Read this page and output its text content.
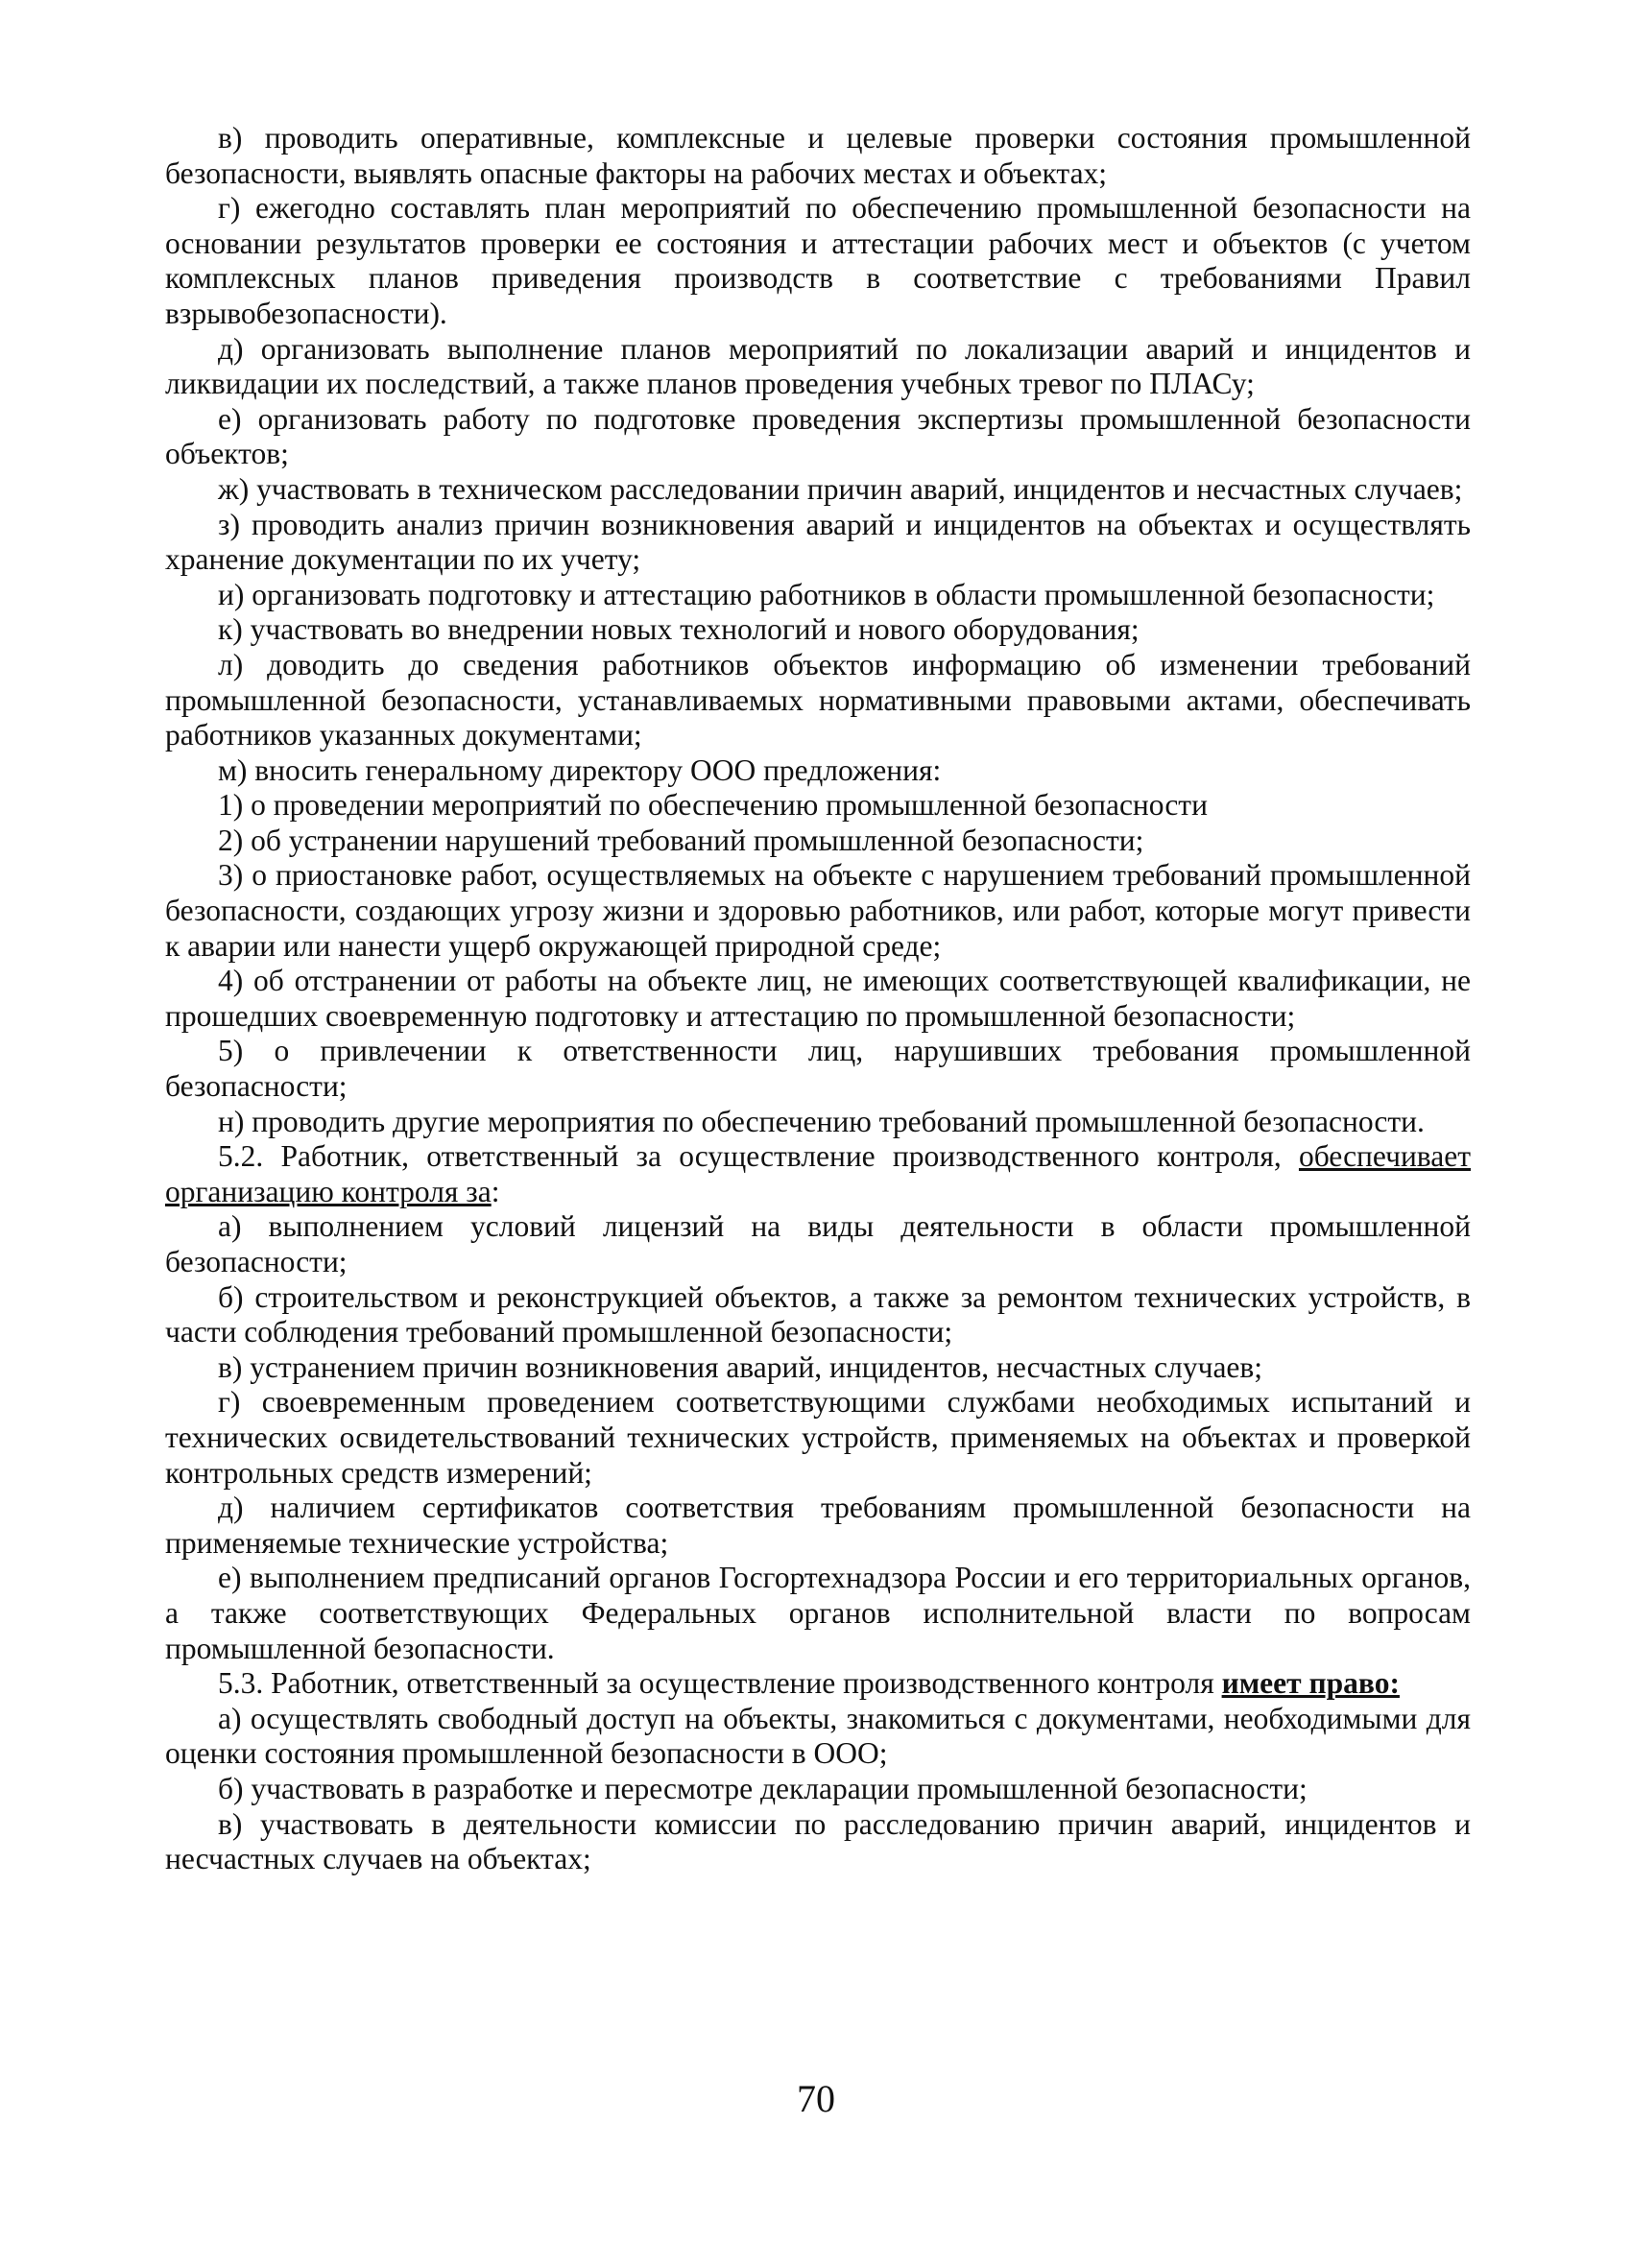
в) проводить оперативные, комплексные и целевые проверки состояния промышленной безопасности, выявлять опасные факторы на рабочих местах и объектах;

г) ежегодно составлять план мероприятий по обеспечению промышленной безопасности на основании результатов проверки ее состояния и аттестации рабочих мест и объектов (с учетом комплексных планов приведения производств в соответствие с требованиями Правил взрывобезопасности).

д) организовать выполнение планов мероприятий по локализации аварий и инцидентов и ликвидации их последствий, а также планов проведения учебных тревог по ПЛАСу;

е) организовать работу по подготовке проведения экспертизы промышленной безопасности объектов;

ж) участвовать в техническом расследовании причин аварий, инцидентов и несчастных случаев;

з) проводить анализ причин возникновения аварий и инцидентов на объектах и осуществлять хранение документации по их учету;

и) организовать подготовку и аттестацию работников в области промышленной безопасности;

к) участвовать во внедрении новых технологий и нового оборудования;

л) доводить до сведения работников объектов информацию об изменении требований промышленной безопасности, устанавливаемых нормативными правовыми актами, обеспечивать работников указанных документами;

м) вносить генеральному директору ООО предложения:

1) о проведении мероприятий по обеспечению промышленной безопасности

2) об устранении нарушений требований промышленной безопасности;

3) о приостановке работ, осуществляемых на объекте с нарушением требований промышленной безопасности, создающих угрозу жизни и здоровью работников, или работ, которые могут привести к аварии или нанести ущерб окружающей природной среде;

4) об отстранении от работы на объекте лиц, не имеющих соответствующей квалификации, не прошедших своевременную подготовку и аттестацию по промышленной безопасности;

5) о привлечении к ответственности лиц, нарушивших требования промышленной безопасности;

н) проводить другие мероприятия по обеспечению требований промышленной безопасности.

5.2. Работник, ответственный за осуществление производственного контроля, обеспечивает организацию контроля за:

а) выполнением условий лицензий на виды деятельности в области промышленной безопасности;

б) строительством и реконструкцией объектов, а также за ремонтом технических устройств, в части соблюдения требований промышленной безопасности;

в) устранением причин возникновения аварий, инцидентов, несчастных случаев;

г) своевременным проведением соответствующими службами необходимых испытаний и технических освидетельствований технических устройств, применяемых на объектах и проверкой контрольных средств измерений;

д) наличием сертификатов соответствия требованиям промышленной безопасности на применяемые технические устройства;

е) выполнением предписаний органов Госгортехнадзора России и его территориальных органов, а также соответствующих Федеральных органов исполнительной власти по вопросам промышленной безопасности.

5.3. Работник, ответственный за осуществление производственного контроля имеет право:

а) осуществлять свободный доступ на объекты, знакомиться с документами, необходимыми для оценки состояния промышленной безопасности в ООО;

б) участвовать в разработке и пересмотре декларации промышленной безопасности;

в) участвовать в деятельности комиссии по расследованию причин аварий, инцидентов и несчастных случаев на объектах;

70
